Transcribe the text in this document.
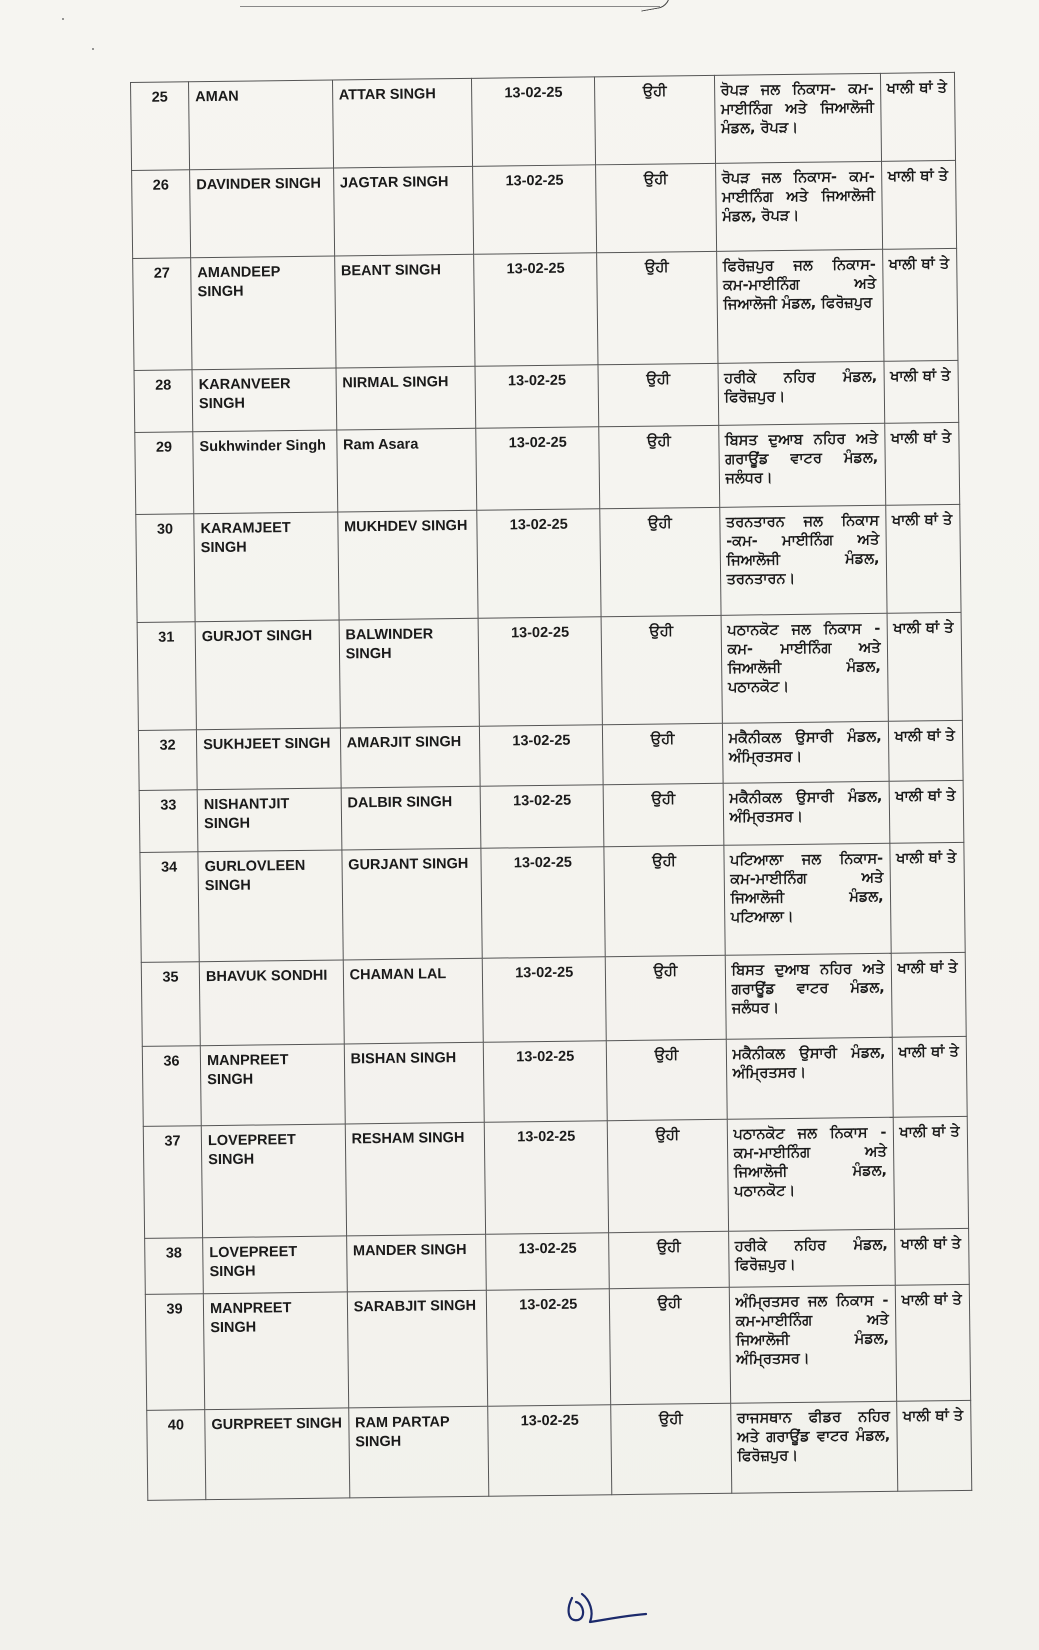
25	AMAN	ATTAR SINGH	13-02-25	ਉਹੀ	ਰੋਪੜ ਜਲ ਨਿਕਾਸ- ਕਮ- ਮਾਈਨਿੰਗ ਅਤੇ ਜਿਆਲੋਜੀ ਮੰਡਲ, ਰੋਪੜ।	ਖਾਲੀ ਥਾਂ ਤੇ
26	DAVINDER SINGH	JAGTAR SINGH	13-02-25	ਉਹੀ	ਰੋਪੜ ਜਲ ਨਿਕਾਸ- ਕਮ- ਮਾਈਨਿੰਗ ਅਤੇ ਜਿਆਲੋਜੀ ਮੰਡਲ, ਰੋਪੜ।	ਖਾਲੀ ਥਾਂ ਤੇ
27	AMANDEEP SINGH	BEANT SINGH	13-02-25	ਉਹੀ	ਫਿਰੋਜ਼ਪੁਰ ਜਲ ਨਿਕਾਸ- ਕਮ-ਮਾਈਨਿੰਗ ਅਤੇ ਜਿਆਲੋਜੀ ਮੰਡਲ, ਫਿਰੋਜ਼ਪੁਰ	ਖਾਲੀ ਥਾਂ ਤੇ
28	KARANVEER SINGH	NIRMAL SINGH	13-02-25	ਉਹੀ	ਹਰੀਕੇ ਨਹਿਰ ਮੰਡਲ, ਫਿਰੋਜ਼ਪੁਰ।	ਖਾਲੀ ਥਾਂ ਤੇ
29	Sukhwinder Singh	Ram Asara	13-02-25	ਉਹੀ	ਬਿਸਤ ਦੁਆਬ ਨਹਿਰ ਅਤੇ ਗਰਾਊਂਡ ਵਾਟਰ ਮੰਡਲ, ਜਲੰਧਰ।	ਖਾਲੀ ਥਾਂ ਤੇ
30	KARAMJEET SINGH	MUKHDEV SINGH	13-02-25	ਉਹੀ	ਤਰਨਤਾਰਨ ਜਲ ਨਿਕਾਸ -ਕਮ- ਮਾਈਨਿੰਗ ਅਤੇ ਜਿਆਲੋਜੀ ਮੰਡਲ, ਤਰਨਤਾਰਨ।	ਖਾਲੀ ਥਾਂ ਤੇ
31	GURJOT SINGH	BALWINDER SINGH	13-02-25	ਉਹੀ	ਪਠਾਨਕੋਟ ਜਲ ਨਿਕਾਸ - ਕਮ- ਮਾਈਨਿੰਗ ਅਤੇ ਜਿਆਲੋਜੀ ਮੰਡਲ, ਪਠਾਨਕੋਟ।	ਖਾਲੀ ਥਾਂ ਤੇ
32	SUKHJEET SINGH	AMARJIT SINGH	13-02-25	ਉਹੀ	ਮਕੈਨੀਕਲ ਉਸਾਰੀ ਮੰਡਲ, ਅੰਮ੍ਰਿਤਸਰ।	ਖਾਲੀ ਥਾਂ ਤੇ
33	NISHANTJIT SINGH	DALBIR SINGH	13-02-25	ਉਹੀ	ਮਕੈਨੀਕਲ ਉਸਾਰੀ ਮੰਡਲ, ਅੰਮ੍ਰਿਤਸਰ।	ਖਾਲੀ ਥਾਂ ਤੇ
34	GURLOVLEEN SINGH	GURJANT SINGH	13-02-25	ਉਹੀ	ਪਟਿਆਲਾ ਜਲ ਨਿਕਾਸ- ਕਮ-ਮਾਈਨਿੰਗ ਅਤੇ ਜਿਆਲੋਜੀ ਮੰਡਲ, ਪਟਿਆਲਾ।	ਖਾਲੀ ਥਾਂ ਤੇ
35	BHAVUK SONDHI	CHAMAN LAL	13-02-25	ਉਹੀ	ਬਿਸਤ ਦੁਆਬ ਨਹਿਰ ਅਤੇ ਗਰਾਊਂਡ ਵਾਟਰ ਮੰਡਲ, ਜਲੰਧਰ।	ਖਾਲੀ ਥਾਂ ਤੇ
36	MANPREET SINGH	BISHAN SINGH	13-02-25	ਉਹੀ	ਮਕੈਨੀਕਲ ਉਸਾਰੀ ਮੰਡਲ, ਅੰਮ੍ਰਿਤਸਰ।	ਖਾਲੀ ਥਾਂ ਤੇ
37	LOVEPREET SINGH	RESHAM SINGH	13-02-25	ਉਹੀ	ਪਠਾਨਕੋਟ ਜਲ ਨਿਕਾਸ - ਕਮ-ਮਾਈਨਿੰਗ ਅਤੇ ਜਿਆਲੋਜੀ ਮੰਡਲ, ਪਠਾਨਕੋਟ।	ਖਾਲੀ ਥਾਂ ਤੇ
38	LOVEPREET SINGH	MANDER SINGH	13-02-25	ਉਹੀ	ਹਰੀਕੇ ਨਹਿਰ ਮੰਡਲ, ਫਿਰੋਜ਼ਪੁਰ।	ਖਾਲੀ ਥਾਂ ਤੇ
39	MANPREET SINGH	SARABJIT SINGH	13-02-25	ਉਹੀ	ਅੰਮ੍ਰਿਤਸਰ ਜਲ ਨਿਕਾਸ - ਕਮ-ਮਾਈਨਿੰਗ ਅਤੇ ਜਿਆਲੋਜੀ ਮੰਡਲ, ਅੰਮ੍ਰਿਤਸਰ।	ਖਾਲੀ ਥਾਂ ਤੇ
40	GURPREET SINGH	RAM PARTAP SINGH	13-02-25	ਉਹੀ	ਰਾਜਸਥਾਨ ਫੀਡਰ ਨਹਿਰ ਅਤੇ ਗਰਾਊਂਡ ਵਾਟਰ ਮੰਡਲ, ਫਿਰੋਜ਼ਪੁਰ।	ਖਾਲੀ ਥਾਂ ਤੇ
